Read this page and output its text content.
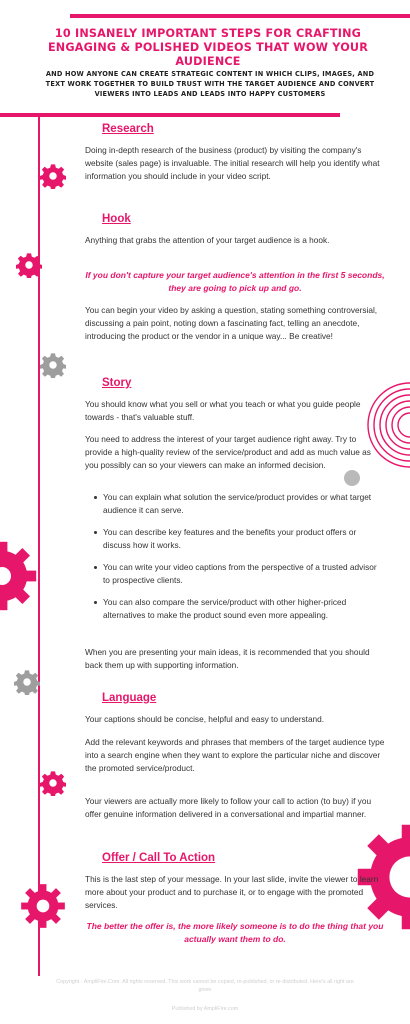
10 INSANELY IMPORTANT STEPS FOR CRAFTING ENGAGING & POLISHED VIDEOS THAT WOW YOUR AUDIENCE
AND HOW ANYONE CAN CREATE STRATEGIC CONTENT IN WHICH CLIPS, IMAGES, AND TEXT WORK TOGETHER TO BUILD TRUST WITH THE TARGET AUDIENCE AND CONVERT VIEWERS INTO LEADS AND LEADS INTO HAPPY CUSTOMERS
Research
Doing in-depth research of the business (product) by visiting the company's website (sales page) is invaluable. The initial research will help you identify what information you should include in your video script.
Hook
Anything that grabs the attention of your target audience is a hook.
If you don't capture your target audience's attention in the first 5 seconds, they are going to pick up and go.
You can begin your video by asking a question, stating something controversial, discussing a pain point, noting down a fascinating fact, telling an anecdote, introducing the product or the vendor in a unique way... Be creative!
Story
You should know what you sell or what you teach or what you guide people towards - that's valuable stuff.
You need to address the interest of your target audience right away. Try to provide a high-quality review of the service/product and add as much value as you possibly can so your viewers can make an informed decision.
You can explain what solution the service/product provides or what target audience it can serve.
You can describe key features and the benefits your product offers or discuss how it works.
You can write your video captions from the perspective of a trusted advisor to prospective clients.
You can also compare the service/product with other higher-priced alternatives to make the product sound even more appealing.
When you are presenting your main ideas, it is recommended that you should back them up with supporting information.
Language
Your captions should be concise, helpful and easy to understand.
Add the relevant keywords and phrases that members of the target audience type into a search engine when they want to explore the particular niche and discover the promoted service/product.
Your viewers are actually more likely to follow your call to action (to buy) if you offer genuine information delivered in a conversational and impartial manner.
Offer / Call To Action
This is the last step of your message. In your last slide, invite the viewer to learn more about your product and to purchase it, or to engage with the promoted services.
The better the offer is, the more likely someone is to do the thing that you actually want them to do.
Copyright · AmpliFire.Com. All rights reserved. This work cannot be copied, re-published, or re-distributed. Here's all right are given
Published by AmpliFire.com
